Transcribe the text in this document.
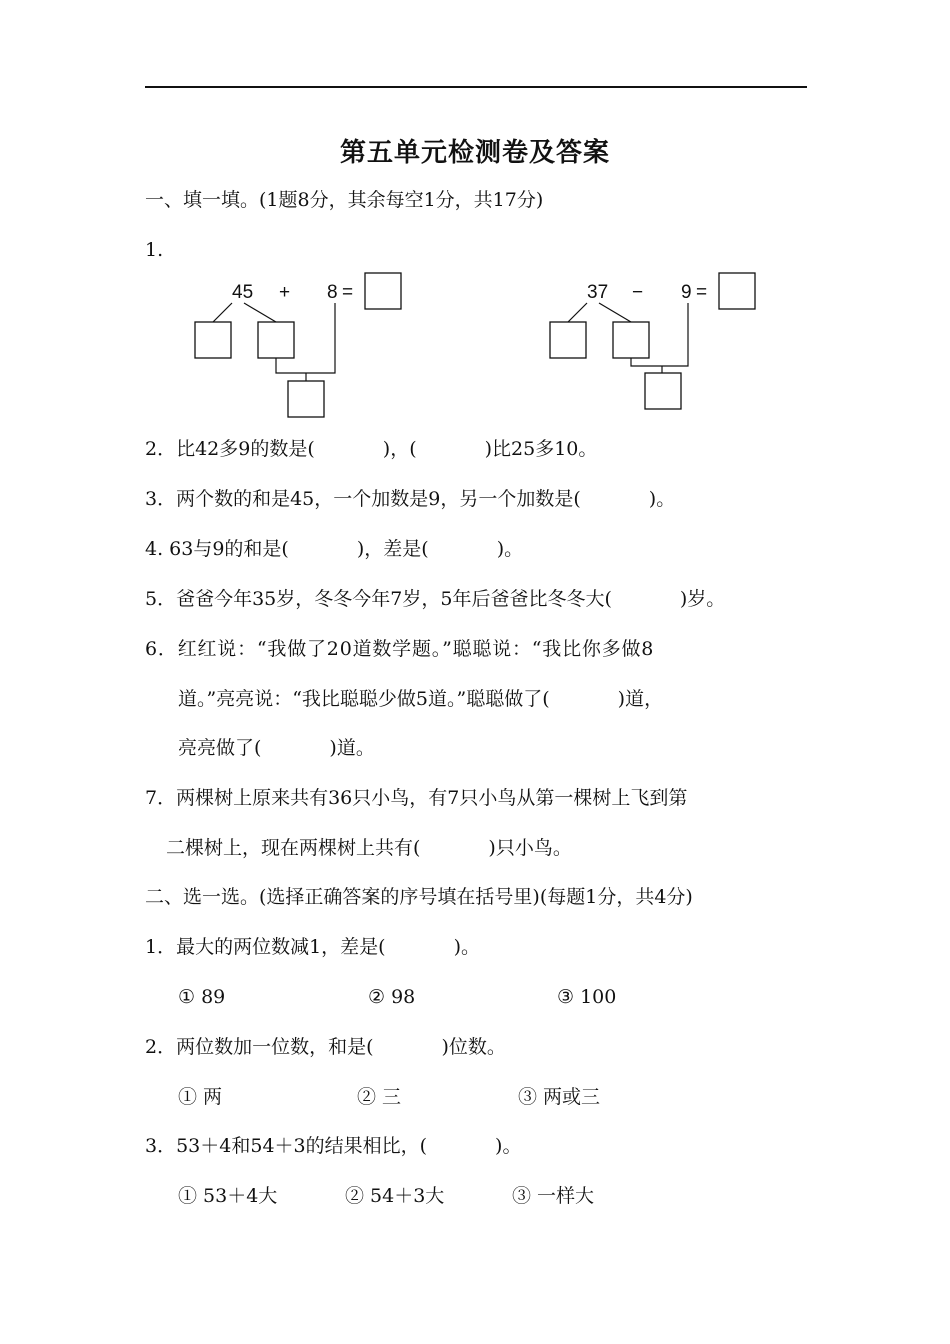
第五单元检测卷及答案
一、填一填。(1题8分，其余每空1分，共17分)
1.
45 + 8 =	37 − 9 =
2．比42多9的数是(	)，(	)比25多10。
3．两个数的和是45，一个加数是9，另一个加数是(	)。
4. 63与9的和是(	)，差是(	)。
5．爸爸今年35岁，冬冬今年7岁，5年后爸爸比冬冬大(	)岁。
6．红红说：“我做了20道数学题。”聪聪说：“我比你多做8
道。”亮亮说：“我比聪聪少做5道。”聪聪做了(	)道，
亮亮做了(	)道。
7．两棵树上原来共有36只小鸟，有7只小鸟从第一棵树上飞到第
二棵树上，现在两棵树上共有(	)只小鸟。
二、选一选。(选择正确答案的序号填在括号里)(每题1分，共4分)
1．最大的两位数减1，差是(	)。
① 89	② 98	③ 100
2．两位数加一位数，和是(	)位数。
① 两	② 三	③ 两或三
3．53＋4和54＋3的结果相比，(	)。
① 53＋4大	② 54＋3大	③ 一样大
